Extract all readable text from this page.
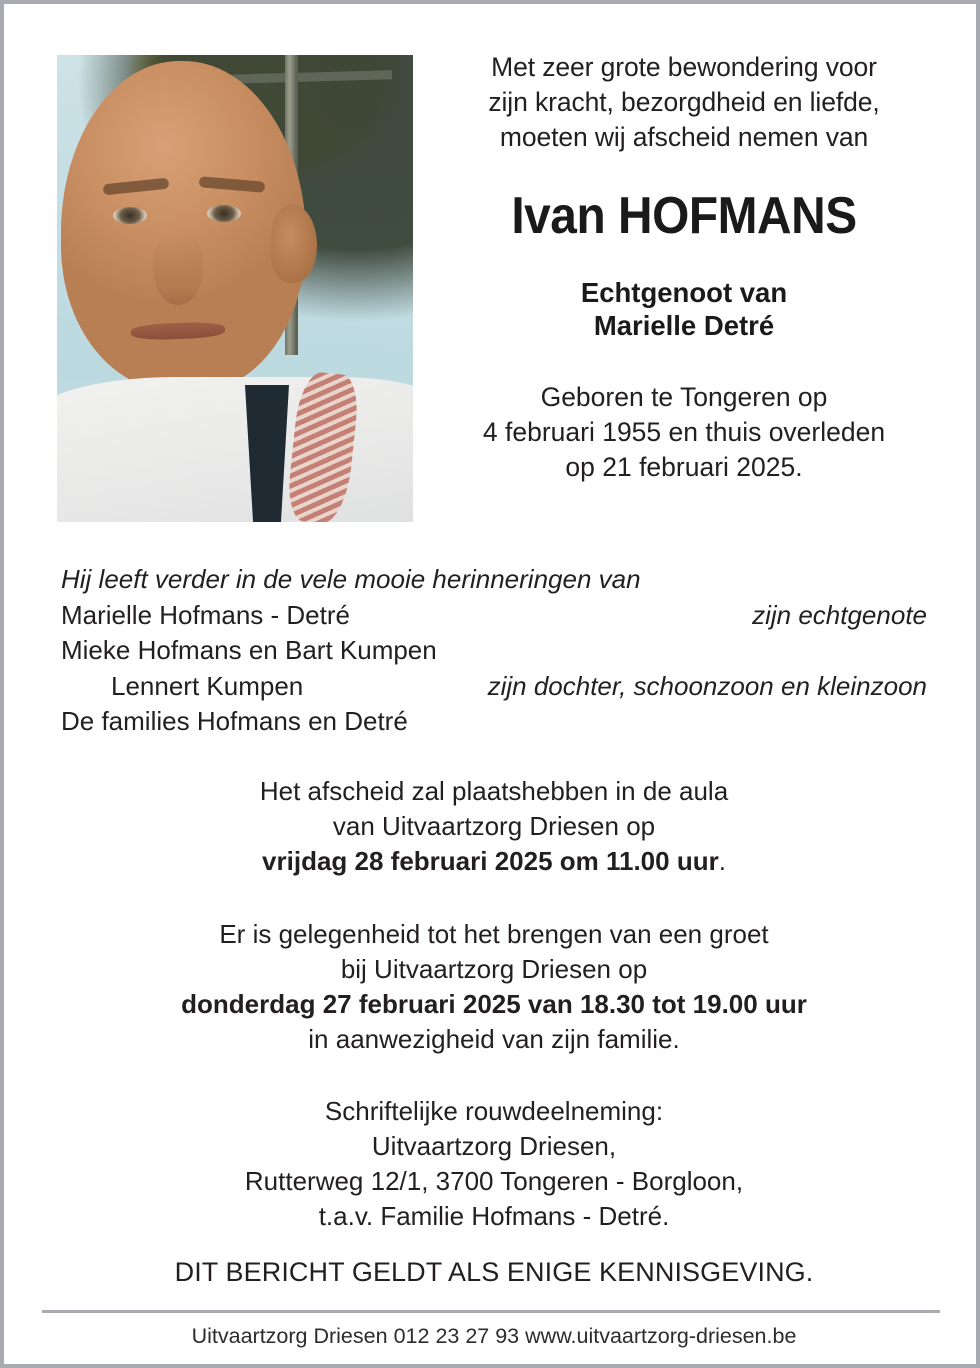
Met zeer grote bewondering voor
zijn kracht, bezorgdheid en liefde,
moeten wij afscheid nemen van
Ivan HOFMANS
Echtgenoot van
Marielle Detré
Geboren te Tongeren op
4 februari 1955 en thuis overleden
op 21 februari 2025.
Hij leeft verder in de vele mooie herinneringen van
Marielle Hofmans - Detré	zijn echtgenote
Mieke Hofmans en Bart Kumpen
Lennert Kumpen	zijn dochter, schoonzoon en kleinzoon
De families Hofmans en Detré
Het afscheid zal plaatshebben in de aula
van Uitvaartzorg Driesen op
vrijdag 28 februari 2025 om 11.00 uur.
Er is gelegenheid tot het brengen van een groet
bij Uitvaartzorg Driesen op
donderdag 27 februari 2025 van 18.30 tot 19.00 uur
in aanwezigheid van zijn familie.
Schriftelijke rouwdeelneming:
Uitvaartzorg Driesen,
Rutterweg 12/1, 3700 Tongeren - Borgloon,
t.a.v. Familie Hofmans - Detré.
DIT BERICHT GELDT ALS ENIGE KENNISGEVING.
Uitvaartzorg Driesen 012 23 27 93 www.uitvaartzorg-driesen.be
